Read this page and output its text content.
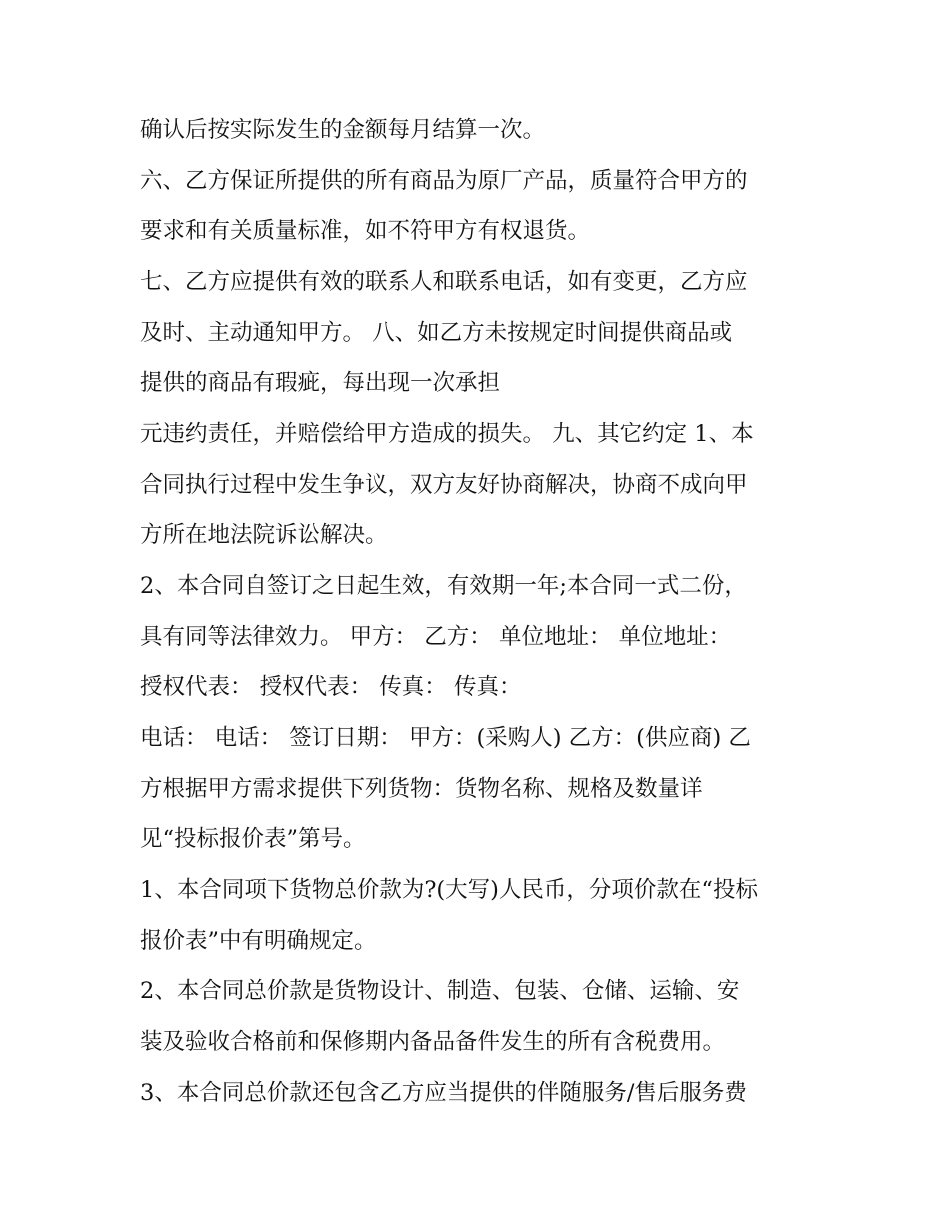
确认后按实际发生的金额每月结算一次。

六、乙方保证所提供的所有商品为原厂产品，质量符合甲方的

要求和有关质量标准，如不符甲方有权退货。

七、乙方应提供有效的联系人和联系电话，如有变更，乙方应

及时、主动通知甲方。 八、如乙方未按规定时间提供商品或

提供的商品有瑕疵，每出现一次承担

元违约责任，并赔偿给甲方造成的损失。 九、其它约定 1、本

合同执行过程中发生争议，双方友好协商解决，协商不成向甲

方所在地法院诉讼解决。

2、本合同自签订之日起生效，有效期一年;本合同一式二份，

具有同等法律效力。 甲方： 乙方： 单位地址： 单位地址：

授权代表： 授权代表： 传真： 传真：

电话： 电话： 签订日期： 甲方：(采购人) 乙方：(供应商) 乙

方根据甲方需求提供下列货物：货物名称、规格及数量详

见“投标报价表”第号。

1、本合同项下货物总价款为?(大写)人民币，分项价款在“投标

报价表”中有明确规定。

2、本合同总价款是货物设计、制造、包装、仓储、运输、安

装及验收合格前和保修期内备品备件发生的所有含税费用。

3、本合同总价款还包含乙方应当提供的伴随服务/售后服务费
